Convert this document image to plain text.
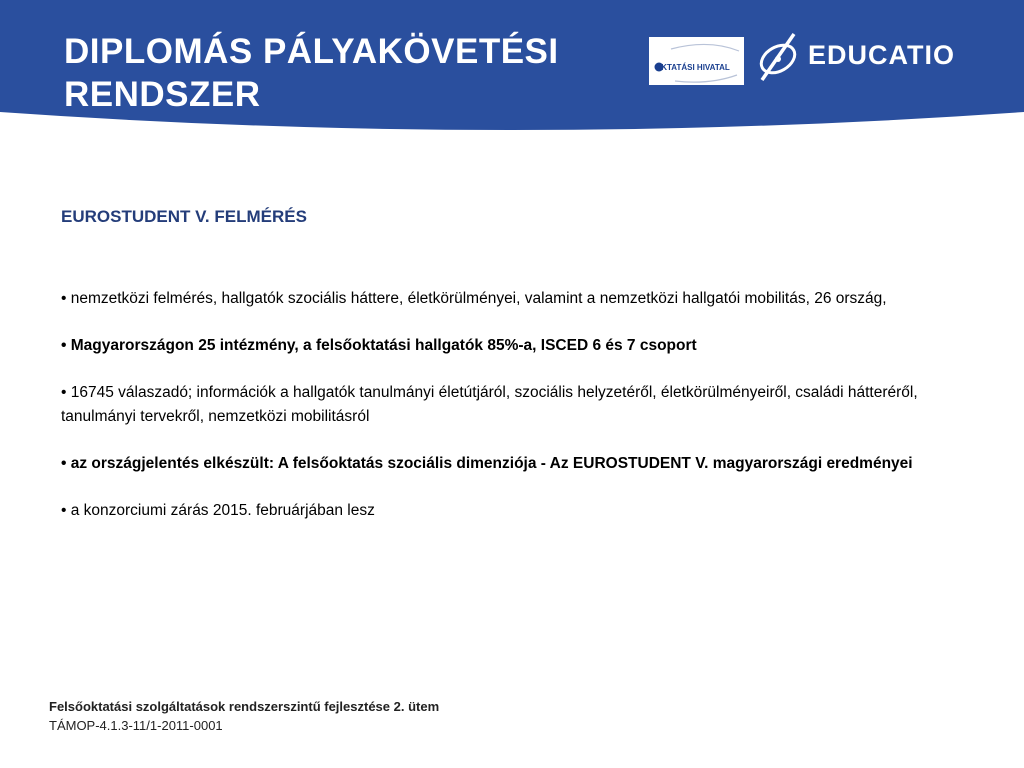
DIPLOMÁS PÁLYAKÖVETÉSI
RENDSZER
OKTATÁSI HIVATAL	EDUCATIO
EUROSTUDENT V. FELMÉRÉS

• nemzetközi felmérés, hallgatók szociális háttere, életkörülményei, valamint a nemzetközi hallgatói mobilitás, 26 ország,

• Magyarországon 25 intézmény, a felsőoktatási hallgatók 85%-a, ISCED 6 és 7 csoport

• 16745 válaszadó; információk a hallgatók tanulmányi életútjáról, szociális helyzetéről, életkörülményeiről, családi hátteréről, tanulmányi tervekről, nemzetközi mobilitásról

• az országjelentés elkészült: A felsőoktatás szociális dimenziója - Az EUROSTUDENT V. magyarországi eredményei

• a konzorciumi zárás 2015. februárjában lesz

Felsőoktatási szolgáltatások rendszerszintű fejlesztése 2. ütem
TÁMOP-4.1.3-11/1-2011-0001
